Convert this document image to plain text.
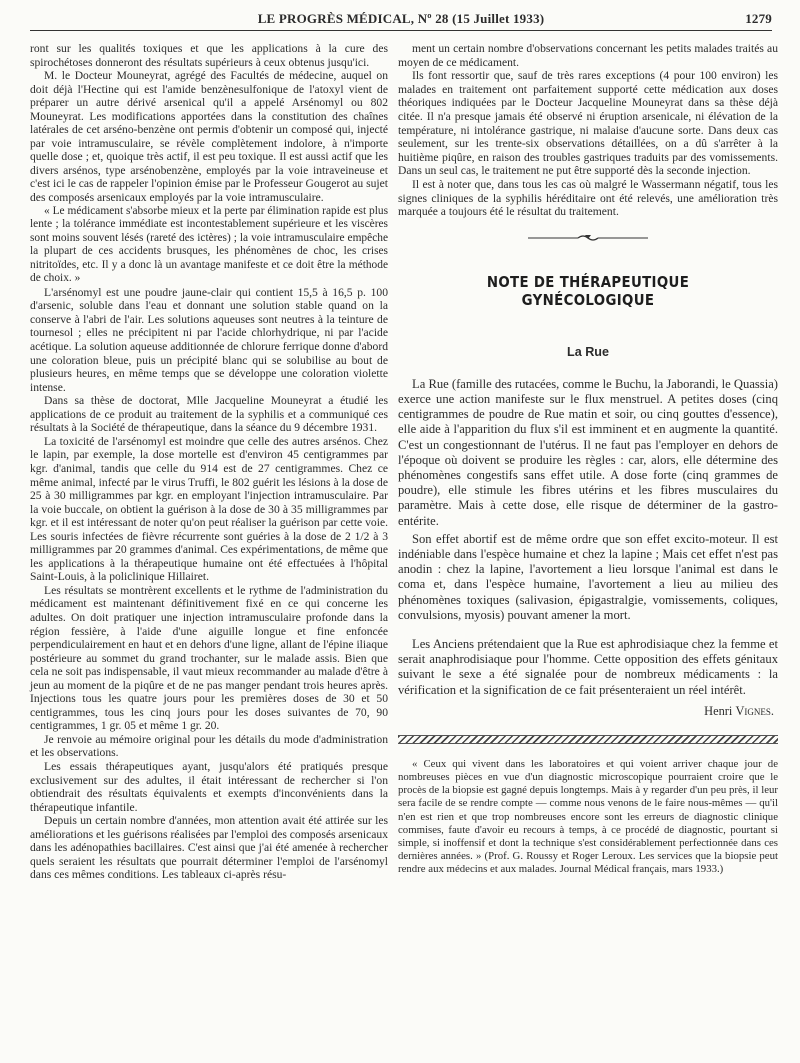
LE PROGRÈS MÉDICAL, Nº 28 (15 Juillet 1933)	1279

ront sur les qualités toxiques et que les applications à la cure des spirochétoses donneront des résultats supérieurs à ceux obtenus jusqu'ici.

M. le Docteur Mouneyrat, agrégé des Facultés de médecine, auquel on doit déjà l'Hectine qui est l'amide benzènesulfonique de l'atoxyl vient de préparer un autre dérivé arsenical qu'il a appelé Arsénomyl ou 802 Mouneyrat. Les modifications apportées dans la constitution des chaînes latérales de cet arséno-benzène ont permis d'obtenir un composé qui, injecté par voie intramusculaire, se révèle complètement indolore, à n'importe quelle dose ; et, quoique très actif, il est peu toxique. Il est aussi actif que les divers arsénos, type arsénobenzène, employés par la voie intraveineuse et c'est ici le cas de rappeler l'opinion émise par le Professeur Gougerot au sujet des composés arsenicaux employés par la voie intramusculaire.

« Le médicament s'absorbe mieux et la perte par élimination rapide est plus lente ; la tolérance immédiate est incontestablement supérieure et les viscères sont moins souvent lésés (rareté des ictères) ; la voie intramusculaire empêche la plupart de ces accidents brusques, les phénomènes de choc, les crises nitritoïdes, etc. Il y a donc là un avantage manifeste et ce doit être la méthode de choix. »

L'arsénomyl est une poudre jaune-clair qui contient 15,5 à 16,5 p. 100 d'arsenic, soluble dans l'eau et donnant une solution stable quand on la conserve à l'abri de l'air. Les solutions aqueuses sont neutres à la teinture de tournesol ; elles ne précipitent ni par l'acide chlorhydrique, ni par l'acide acétique. La solution aqueuse additionnée de chlorure ferrique donne d'abord une coloration bleue, puis un précipité blanc qui se solubilise au bout de plusieurs heures, en même temps que se développe une coloration violette intense.

Dans sa thèse de doctorat, Mlle Jacqueline Mouneyrat a étudié les applications de ce produit au traitement de la syphilis et a communiqué ces résultats à la Société de thérapeutique, dans la séance du 9 décembre 1931.

La toxicité de l'arsénomyl est moindre que celle des autres arsénos. Chez le lapin, par exemple, la dose mortelle est d'environ 45 centigrammes par kgr. d'animal, tandis que celle du 914 est de 27 centigrammes. Chez ce même animal, infecté par le virus Truffi, le 802 guérit les lésions à la dose de 25 à 30 milligrammes par kgr. en employant l'injection intramusculaire. Par la voie buccale, on obtient la guérison à la dose de 30 à 35 milligrammes par kgr. et il est intéressant de noter qu'on peut réaliser la guérison par cette voie. Les souris infectées de fièvre récurrente sont guéries à la dose de 2 1/2 à 3 milligrammes par 20 grammes d'animal. Ces expérimentations, de même que les applications à la thérapeutique humaine ont été effectuées à l'hôpital Saint-Louis, à la policlinique Hillairet.

Les résultats se montrèrent excellents et le rythme de l'administration du médicament est maintenant définitivement fixé en ce qui concerne les adultes. On doit pratiquer une injection intramusculaire profonde dans la région fessière, à l'aide d'une aiguille longue et fine enfoncée perpendiculairement en haut et en dehors d'une ligne, allant de l'épine iliaque postérieure au sommet du grand trochanter, sur le malade assis. Bien que cela ne soit pas indispensable, il vaut mieux recommander au malade d'être à jeun au moment de la piqûre et de ne pas manger pendant trois heures après. Injections tous les quatre jours pour les premières doses de 30 et 50 centigrammes, tous les cinq jours pour les doses suivantes de 70, 90 centigrammes, 1 gr. 05 et même 1 gr. 20.

Je renvoie au mémoire original pour les détails du mode d'administration et les observations.

Les essais thérapeutiques ayant, jusqu'alors été pratiqués presque exclusivement sur des adultes, il était intéressant de rechercher si l'on obtiendrait des résultats équivalents et exempts d'inconvénients dans la thérapeutique infantile.

Depuis un certain nombre d'années, mon attention avait été attirée sur les améliorations et les guérisons réalisées par l'emploi des composés arsenicaux dans les adénopathies bacillaires. C'est ainsi que j'ai été amenée à rechercher quels seraient les résultats que pourrait déterminer l'emploi de l'arsénomyl dans ces mêmes conditions. Les tableaux ci-après résu-

ment un certain nombre d'observations concernant les petits malades traités au moyen de ce médicament.

Ils font ressortir que, sauf de très rares exceptions (4 pour 100 environ) les malades en traitement ont parfaitement supporté cette médication aux doses théoriques indiquées par le Docteur Jacqueline Mouneyrat dans sa thèse déjà citée. Il n'a presque jamais été observé ni éruption arsenicale, ni élévation de la température, ni intolérance gastrique, ni malaise d'aucune sorte. Dans deux cas seulement, sur les trente-six observations détaillées, on a dû s'arrêter à la huitième piqûre, en raison des troubles gastriques traduits par des vomissements. Dans un seul cas, le traitement ne put être supporté dès la seconde injection.

Il est à noter que, dans tous les cas où malgré le Wassermann négatif, tous les signes cliniques de la syphilis héréditaire ont été relevés, une amélioration très marquée a toujours été le résultat du traitement.

NOTE DE THÉRAPEUTIQUE GYNÉCOLOGIQUE
La Rue

La Rue (famille des rutacées, comme le Buchu, la Jaborandi, le Quassia) exerce une action manifeste sur le flux menstruel. A petites doses (cinq centigrammes de poudre de Rue matin et soir, ou cinq gouttes d'essence), elle aide à l'apparition du flux s'il est imminent et en augmente la quantité. C'est un congestionnant de l'utérus. Il ne faut pas l'employer en dehors de l'époque où doivent se produire les règles : car, alors, elle détermine des phénomènes congestifs sans effet utile. A dose forte (cinq grammes de poudre), elle stimule les fibres utérins et les fibres musculaires du paramètre. Mais à cette dose, elle risque de déterminer de la gastro-entérite.

Son effet abortif est de même ordre que son effet excito-moteur. Il est indéniable dans l'espèce humaine et chez la lapine ; Mais cet effet n'est pas anodin : chez la lapine, l'avortement a lieu lorsque l'animal est dans le coma et, dans l'espèce humaine, l'avortement a lieu au milieu des phénomènes toxiques (salivasion, épigastralgie, vomissements, coliques, convulsions, myosis) pouvant amener la mort.

Les Anciens prétendaient que la Rue est aphrodisiaque chez la femme et serait anaphrodisiaque pour l'homme. Cette opposition des effets génitaux suivant le sexe a été signalée pour de nombreux médicaments : la vérification et la signification de ce fait présenteraient un réel intérêt.

Henri Vignes.

« Ceux qui vivent dans les laboratoires et qui voient arriver chaque jour de nombreuses pièces en vue d'un diagnostic microscopique pourraient croire que le procès de la biopsie est gagné depuis longtemps. Mais à y regarder d'un peu près, il leur sera facile de se rendre compte — comme nous venons de le faire nous-mêmes — qu'il n'en est rien et que trop nombreuses encore sont les erreurs de diagnostic clinique commises, faute d'avoir eu recours à temps, à ce procédé de diagnostic, pourtant si simple, si inoffensif et dont la technique s'est considérablement perfectionnée dans ces dernières années. » (Prof. G. Roussy et Roger Leroux. Les services que la biopsie peut rendre aux médecins et aux malades. Journal Médical français, mars 1933.)
